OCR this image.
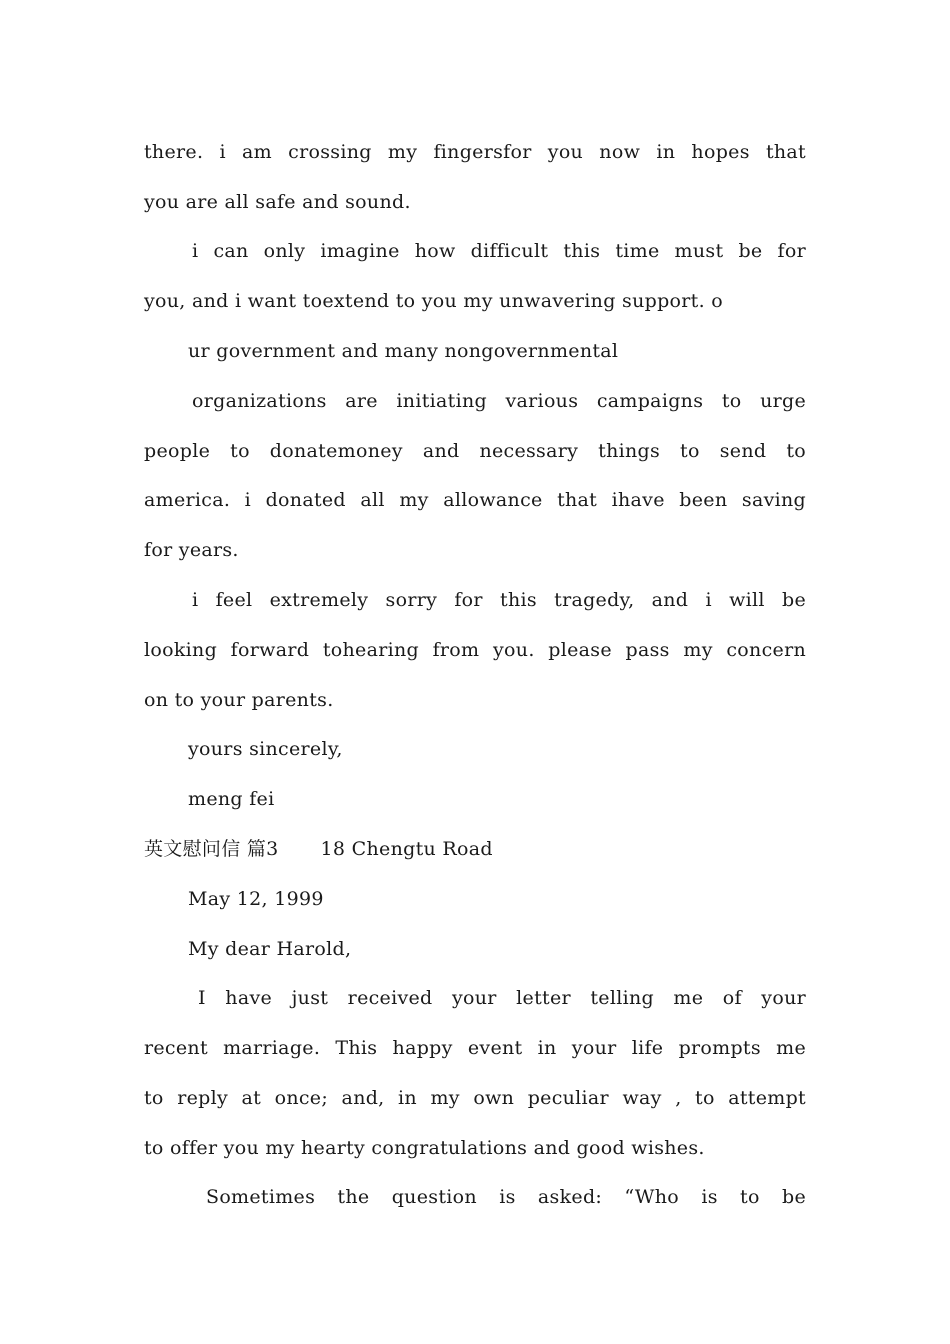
there. i am crossing my fingersfor you now in hopes that
you are all safe and sound.
i can only imagine how difficult this time must be for
you, and i want toextend to you my unwavering support. o
ur government and many nongovernmental
organizations are initiating various campaigns to urge
people to donatemoney and necessary things to send to
america. i donated all my allowance that ihave been saving
for years.
i feel extremely sorry for this tragedy, and i will be
looking forward tohearing from you. please pass my concern
on to your parents.
yours sincerely,
meng fei
英文慰问信 篇3 18 Chengtu Road
May 12, 1999
My dear Harold,
I have just received your letter telling me of your
recent marriage. This happy event in your life prompts me
to reply at once; and, in my own peculiar way , to attempt
to offer you my hearty congratulations and good wishes.
Sometimes the question is asked: “Who is to be
